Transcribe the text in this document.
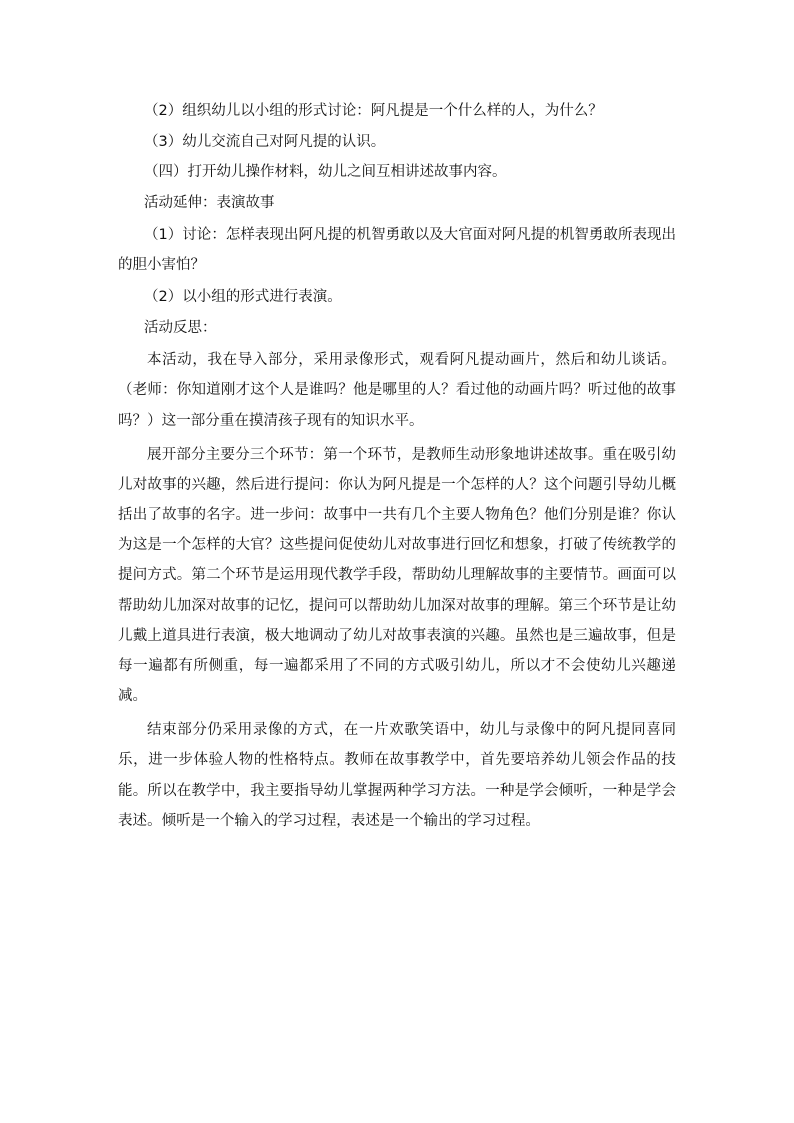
（2）组织幼儿以小组的形式讨论：阿凡提是一个什么样的人，为什么？

（3）幼儿交流自己对阿凡提的认识。

（四）打开幼儿操作材料，幼儿之间互相讲述故事内容。

活动延伸：表演故事

（1）讨论：怎样表现出阿凡提的机智勇敢以及大官面对阿凡提的机智勇敢所表现出的胆小害怕？

（2）以小组的形式进行表演。

活动反思：

本活动，我在导入部分，采用录像形式，观看阿凡提动画片，然后和幼儿谈话。（老师：你知道刚才这个人是谁吗？他是哪里的人？看过他的动画片吗？听过他的故事吗？）这一部分重在摸清孩子现有的知识水平。

展开部分主要分三个环节：第一个环节，是教师生动形象地讲述故事。重在吸引幼儿对故事的兴趣，然后进行提问：你认为阿凡提是一个怎样的人？这个问题引导幼儿概括出了故事的名字。进一步问：故事中一共有几个主要人物角色？他们分别是谁？你认为这是一个怎样的大官？这些提问促使幼儿对故事进行回忆和想象，打破了传统教学的提问方式。第二个环节是运用现代教学手段，帮助幼儿理解故事的主要情节。画面可以帮助幼儿加深对故事的记忆，提问可以帮助幼儿加深对故事的理解。第三个环节是让幼儿戴上道具进行表演，极大地调动了幼儿对故事表演的兴趣。虽然也是三遍故事，但是每一遍都有所侧重，每一遍都采用了不同的方式吸引幼儿，所以才不会使幼儿兴趣递减。

结束部分仍采用录像的方式，在一片欢歌笑语中，幼儿与录像中的阿凡提同喜同乐，进一步体验人物的性格特点。教师在故事教学中，首先要培养幼儿领会作品的技能。所以在教学中，我主要指导幼儿掌握两种学习方法。一种是学会倾听，一种是学会表述。倾听是一个输入的学习过程，表述是一个输出的学习过程。
